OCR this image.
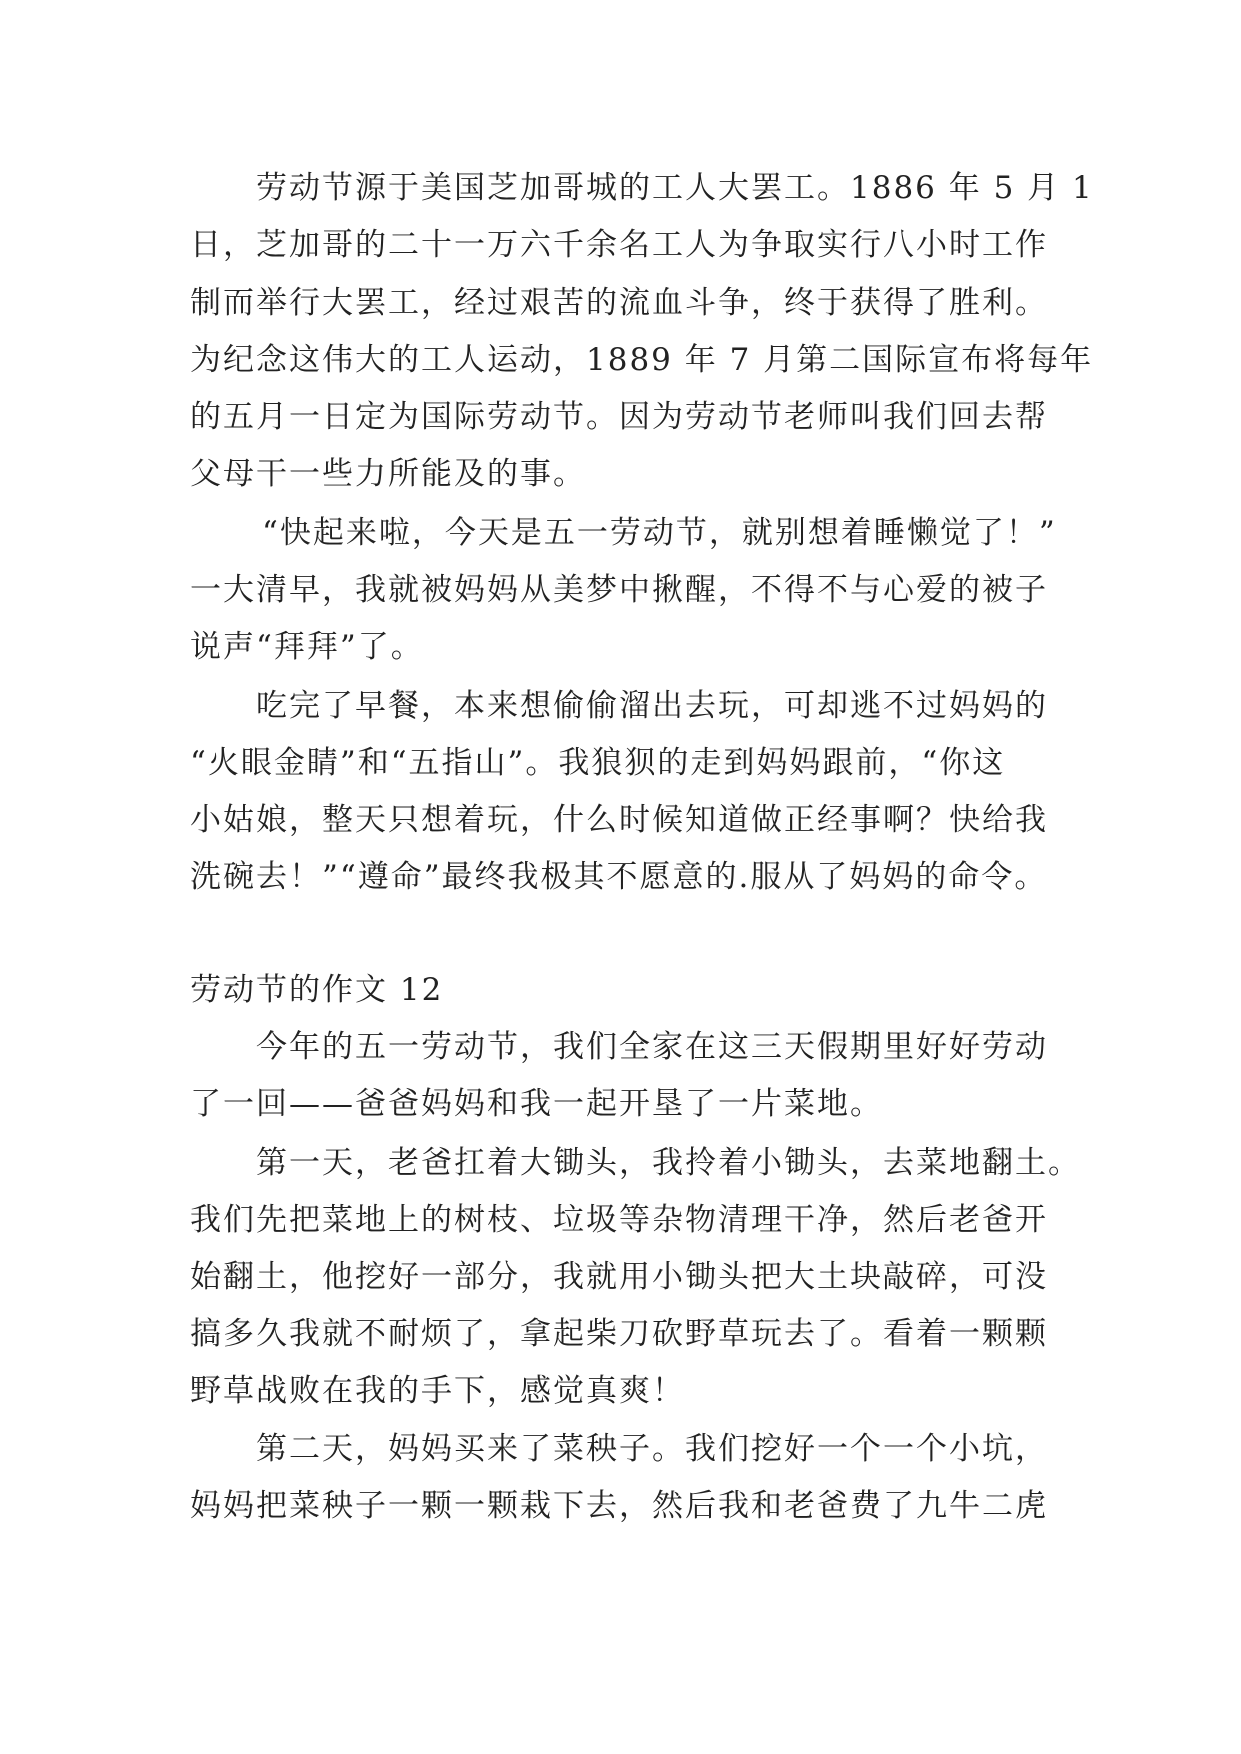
劳动节源于美国芝加哥城的工人大罢工。1886 年 5 月 1
日，芝加哥的二十一万六千余名工人为争取实行八小时工作
制而举行大罢工，经过艰苦的流血斗争，终于获得了胜利。
为纪念这伟大的工人运动，1889 年 7 月第二国际宣布将每年
的五月一日定为国际劳动节。因为劳动节老师叫我们回去帮
父母干一些力所能及的事。
“快起来啦，今天是五一劳动节，就别想着睡懒觉了！”
一大清早，我就被妈妈从美梦中揪醒，不得不与心爱的被子
说声“拜拜”了。
吃完了早餐，本来想偷偷溜出去玩，可却逃不过妈妈的
“火眼金睛”和“五指山”。我狼狈的走到妈妈跟前，“你这
小姑娘，整天只想着玩，什么时候知道做正经事啊？快给我
洗碗去！”“遵命”最终我极其不愿意的.服从了妈妈的命令。
劳动节的作文 12
今年的五一劳动节，我们全家在这三天假期里好好劳动
了一回——爸爸妈妈和我一起开垦了一片菜地。
第一天，老爸扛着大锄头，我拎着小锄头，去菜地翻土。
我们先把菜地上的树枝、垃圾等杂物清理干净，然后老爸开
始翻土，他挖好一部分，我就用小锄头把大土块敲碎，可没
搞多久我就不耐烦了，拿起柴刀砍野草玩去了。看着一颗颗
野草战败在我的手下，感觉真爽！
第二天，妈妈买来了菜秧子。我们挖好一个一个小坑，
妈妈把菜秧子一颗一颗栽下去，然后我和老爸费了九牛二虎
